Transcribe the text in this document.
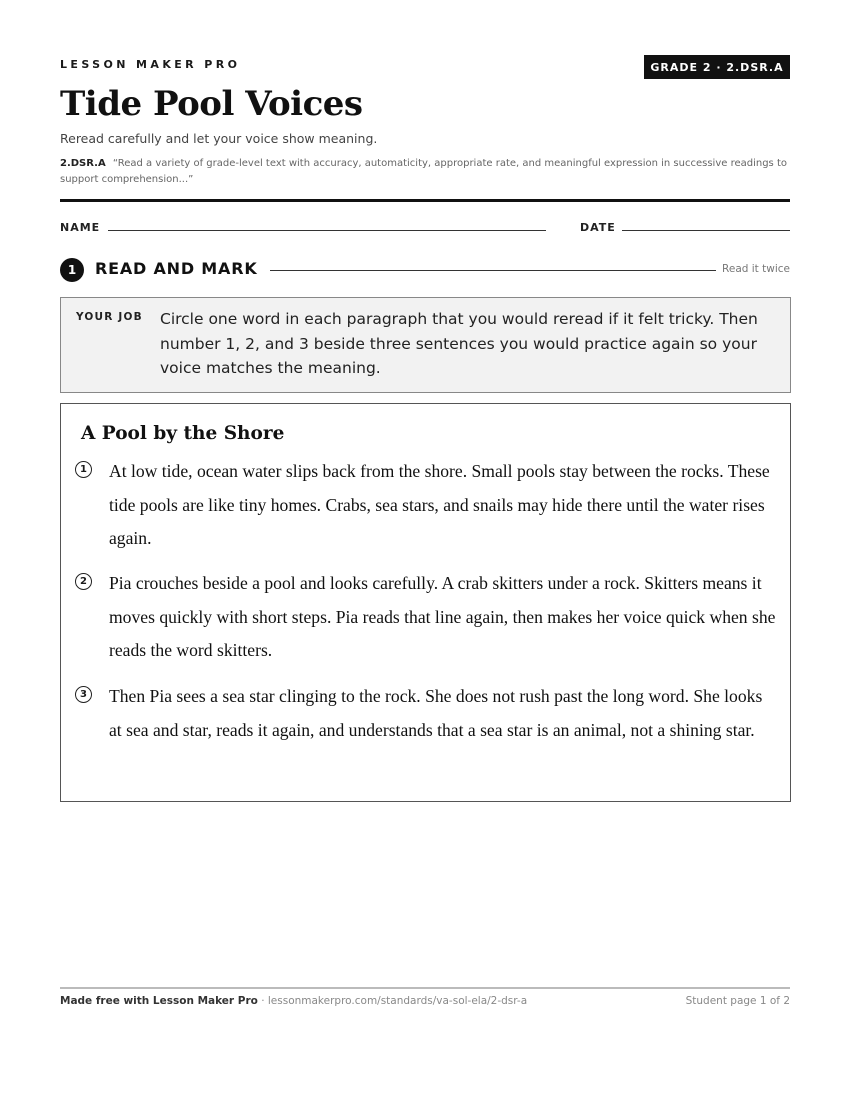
LESSON MAKER PRO	GRADE 2 · 2.DSR.A
Tide Pool Voices
Reread carefully and let your voice show meaning.
2.DSR.A “Read a variety of grade-level text with accuracy, automaticity, appropriate rate, and meaningful expression in successive readings to support comprehension...”
NAME	DATE
1	READ AND MARK	Read it twice
YOUR JOB Circle one word in each paragraph that you would reread if it felt tricky. Then number 1, 2, and 3 beside three sentences you would practice again so your voice matches the meaning.
A Pool by the Shore
1 At low tide, ocean water slips back from the shore. Small pools stay between the rocks. These tide pools are like tiny homes. Crabs, sea stars, and snails may hide there until the water rises again.

2 Pia crouches beside a pool and looks carefully. A crab skitters under a rock. Skitters means it moves quickly with short steps. Pia reads that line again, then makes her voice quick when she reads the word skitters.

3 Then Pia sees a sea star clinging to the rock. She does not rush past the long word. She looks at sea and star, reads it again, and understands that a sea star is an animal, not a shining star.

Made free with Lesson Maker Pro · lessonmakerpro.com/standards/va-sol-ela/2-dsr-a	Student page 1 of 2
